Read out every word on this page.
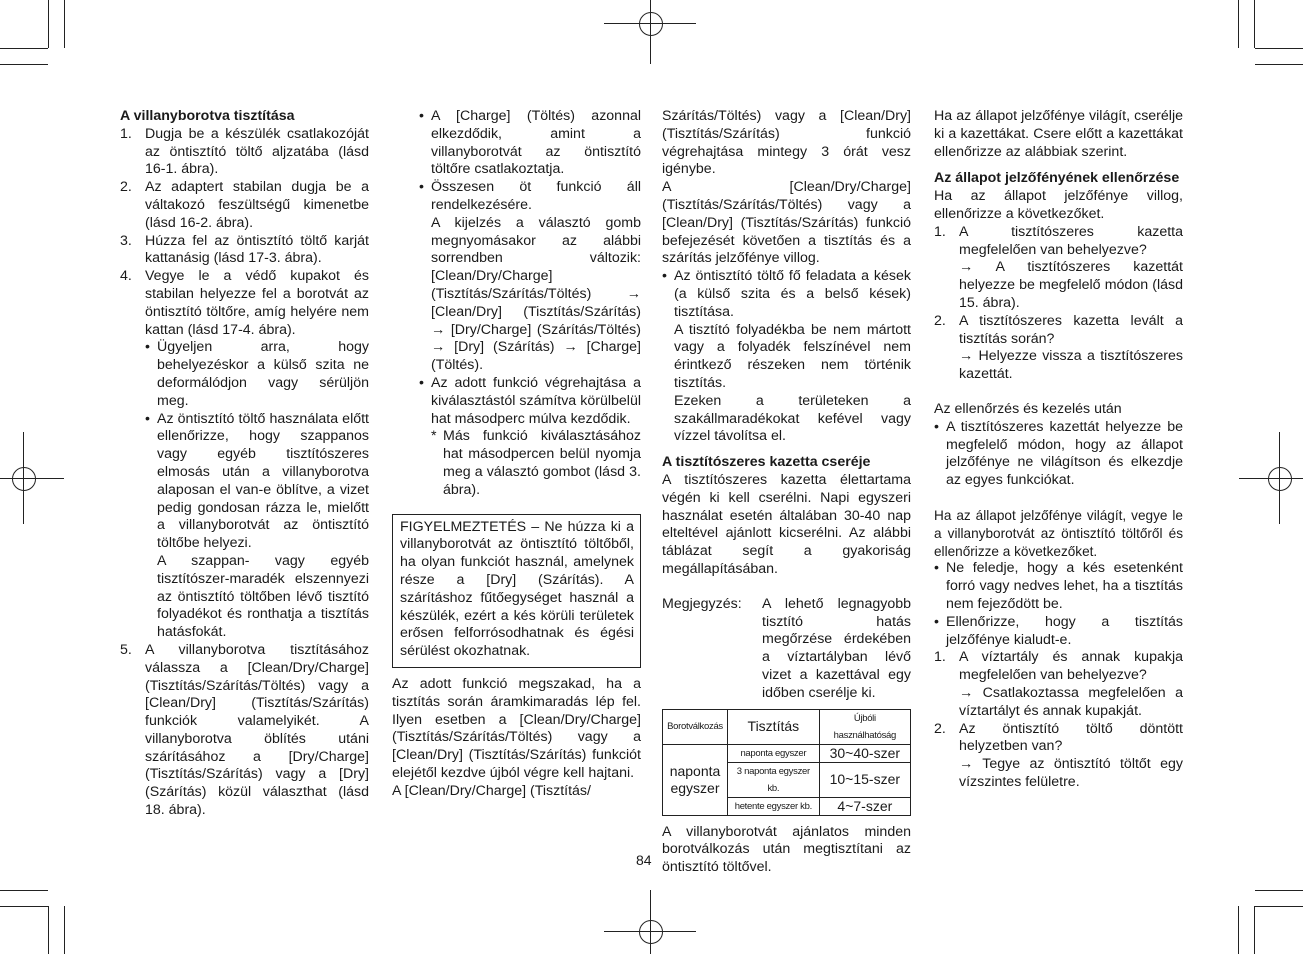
A villanyborotva tisztítása

1. Dugja be a készülék csatlakozóját az öntisztító töltő aljzatába (lásd 16-1. ábra).
2. Az adaptert stabilan dugja be a váltakozó feszültségű kimenetbe (lásd 16-2. ábra).
3. Húzza fel az öntisztító töltő karját kattanásig (lásd 17-3. ábra).
4. Vegye le a védő kupakot és stabilan helyezze fel a borotvát az öntisztító töltőre, amíg helyére nem kattan (lásd 17-4. ábra).
• Ügyeljen arra, hogy behelyezéskor a külső szita ne deformálódjon vagy sérüljön meg.
• Az öntisztító töltő használata előtt ellenőrizze, hogy szappanos vagy egyéb tisztítószeres elmosás után a villanyborotva alaposan el van-e öblítve, a vizet pedig gondosan rázza le, mielőtt a villanyborotvát az öntisztító töltőbe helyezi.

A szappan- vagy egyéb tisztítószer-maradék elszennyezi az öntisztító töltőben lévő tisztító folyadékot és ronthatja a tisztítás hatásfokát.

5. A villanyborotva tisztításához válassza a [Clean/Dry/Charge] (Tisztítás/Szárítás/Töltés) vagy a [Clean/Dry] (Tisztítás/Szárítás) funkciók valamelyikét. A villanyborotva öblítés utáni szárításához a [Dry/Charge] (Tisztítás/Szárítás) vagy a [Dry] (Szárítás) közül választhat (lásd 18. ábra).
• A [Charge] (Töltés) azonnal elkezdődik, amint a villanyborotvát az öntisztító töltőre csatlakoztatja.
• Összesen öt funkció áll rendelkezésére.

A kijelzés a választó gomb megnyomásakor az alábbi sorrendben változik: [Clean/Dry/Charge] (Tisztítás/Szárítás/Töltés) → [Clean/Dry] (Tisztítás/Szárítás) → [Dry/Charge] (Szárítás/Töltés) → [Dry] (Szárítás) → [Charge] (Töltés).

• Az adott funkció végrehajtása a kiválasztástól számítva körülbelül hat másodperc múlva kezdődik.
* Más funkció kiválasztásához hat másodpercen belül nyomja meg a választó gombot (lásd 3. ábra).

FIGYELMEZTETÉS – Ne húzza ki a villanyborotvát az öntisztító töltőből, ha olyan funkciót használ, amelynek része a [Dry] (Szárítás). A szárításhoz fűtőegységet használ a készülék, ezért a kés körüli területek erősen felforrósodhatnak és égési sérülést okozhatnak.

Az adott funkció megszakad, ha a tisztítás során áramkimaradás lép fel. Ilyen esetben a [Clean/Dry/Charge] (Tisztítás/Szárítás/Töltés) vagy a [Clean/Dry] (Tisztítás/Szárítás) funkciót elejétől kezdve újból végre kell hajtani.

A [Clean/Dry/Charge] (Tisztítás/

Szárítás/Töltés) vagy a [Clean/Dry] (Tisztítás/Szárítás) funkció végrehajtása mintegy 3 órát vesz igénybe.

A [Clean/Dry/Charge] (Tisztítás/Szárítás/Töltés) vagy a [Clean/Dry] (Tisztítás/Szárítás) funkció befejezését követően a tisztítás és a szárítás jelzőfénye villog.

• Az öntisztító töltő fő feladata a kések (a külső szita és a belső kések) tisztítása.

A tisztító folyadékba be nem mártott vagy a folyadék felszínével nem érintkező részeken nem történik tisztítás.

Ezeken a területeken a szakállmaradékokat kefével vagy vízzel távolítsa el.

A tisztítószeres kazetta cseréje

A tisztítószeres kazetta élettartama végén ki kell cserélni. Napi egyszeri használat esetén általában 30-40 nap elteltével ajánlott kicserélni. Az alábbi táblázat segít a gyakoriság megállapításában.

Megjegyzés:	A lehető legnagyobb tisztító hatás megőrzése érdekében a víztartályban lévő vizet a kazettával egy időben cserélje ki.
Borotválkozás	Tisztítás	Újbóli használhatóság
naponta egyszer	naponta egyszer	30~40-szer
	3 naponta egyszer kb.	10~15-szer
	hetente egyszer kb.	4~7-szer

A villanyborotvát ajánlatos minden borotválkozás után megtisztítani az öntisztító töltővel.

Ha az állapot jelzőfénye világít, cserélje ki a kazettákat. Csere előtt a kazettákat ellenőrizze az alábbiak szerint.

Az állapot jelzőfényének ellenőrzése

Ha az állapot jelzőfénye villog, ellenőrizze a következőket.

1. A tisztítószeres kazetta megfelelően van behelyezve?
→ A tisztítószeres kazettát helyezze be megfelelő módon (lásd 15. ábra).
2. A tisztítószeres kazetta levált a tisztítás során?
→ Helyezze vissza a tisztítószeres kazettát.

Az ellenőrzés és kezelés után

• A tisztítószeres kazettát helyezze be megfelelő módon, hogy az állapot jelzőfénye ne világítson és elkezdje az egyes funkciókat.

Ha az állapot jelzőfénye világít, vegye le a villanyborotvát az öntisztító töltőről és ellenőrizze a következőket.

• Ne feledje, hogy a kés esetenként forró vagy nedves lehet, ha a tisztítás nem fejeződött be.
• Ellenőrizze, hogy a tisztítás jelzőfénye kialudt-e.
1. A víztartály és annak kupakja megfelelően van behelyezve?
→ Csatlakoztassa megfelelően a víztartályt és annak kupakját.
2. Az öntisztító töltő döntött helyzetben van?
→ Tegye az öntisztító töltőt egy vízszintes felületre.
84
